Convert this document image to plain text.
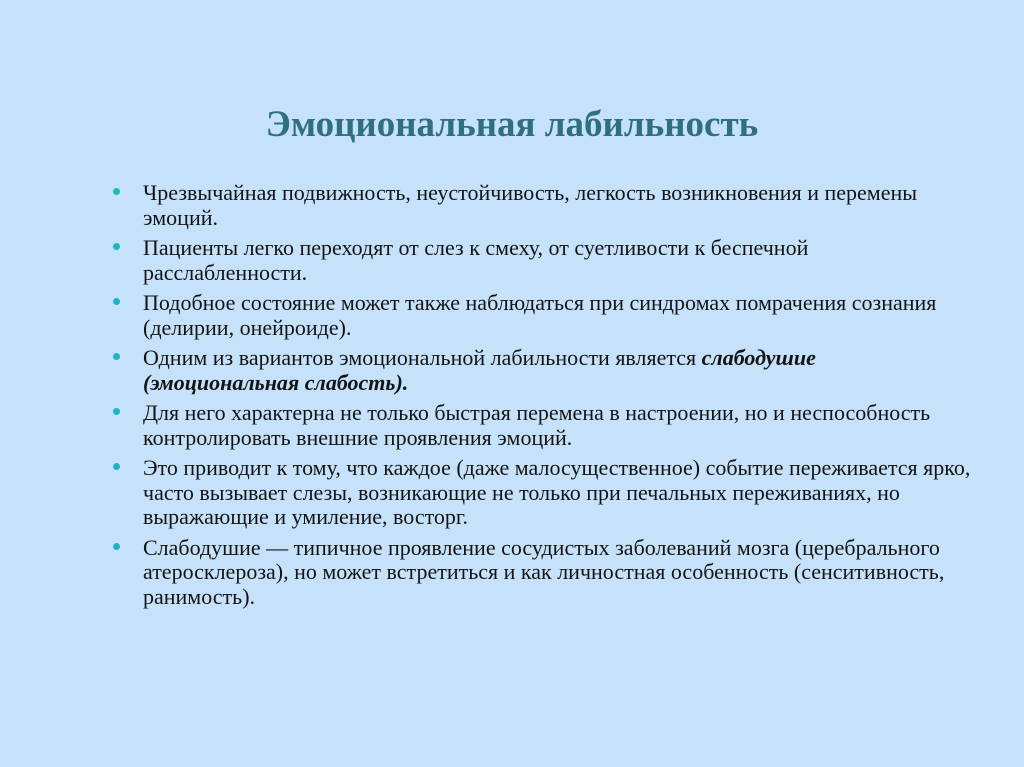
Эмоциональная лабильность
Чрезвычайная подвижность, неустойчивость, легкость возникновения и перемены эмоций.
Пациенты легко переходят от слез к смеху, от суетливости к беспечной расслабленности.
Подобное состояние может также наблюдаться при синдромах помрачения сознания (делирии, онейроиде).
Одним из вариантов эмоциональной лабильности является слабодушие (эмоциональная слабость).
Для него характерна не только быстрая перемена в настроении, но и неспособность контролировать внешние проявления эмоций.
Это приводит к тому, что каждое (даже малосущественное) событие переживается ярко, часто вызывает слезы, возникающие не только при печальных переживаниях, но выражающие и умиление, восторг.
Слабодушие — типичное проявление сосудистых заболеваний мозга (церебрального атеросклероза), но может встретиться и как личностная особенность (сенситивность, ранимость).
